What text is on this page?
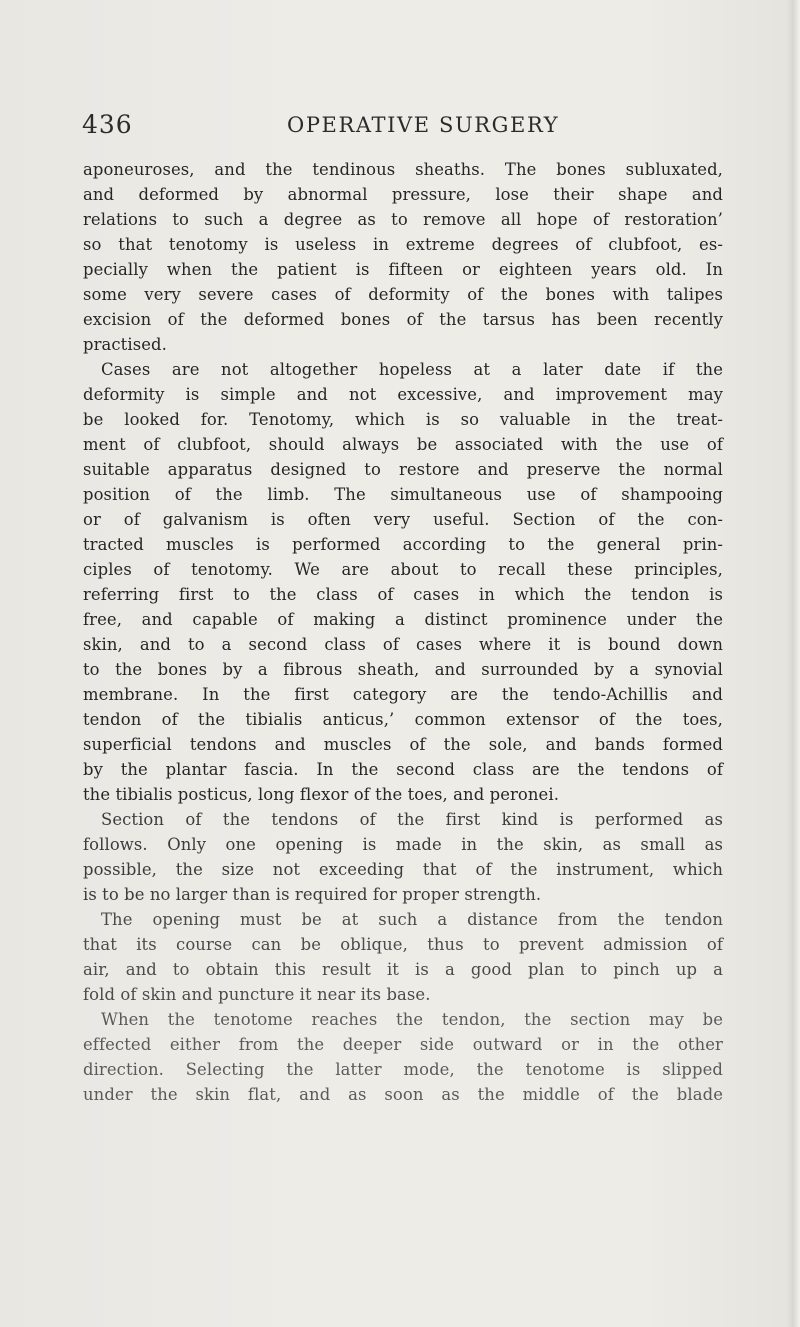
436	OPERATIVE SURGERY
aponeuroses, and the tendinous sheaths. The bones subluxated,
and deformed by abnormal pressure, lose their shape and
relations to such a degree as to remove all hope of restoration’
so that tenotomy is useless in extreme degrees of clubfoot, es-
pecially when the patient is fifteen or eighteen years old. In
some very severe cases of deformity of the bones with talipes
excision of the deformed bones of the tarsus has been recently
practised.
Cases are not altogether hopeless at a later date if the
deformity is simple and not excessive, and improvement may
be looked for. Tenotomy, which is so valuable in the treat-
ment of clubfoot, should always be associated with the use of
suitable apparatus designed to restore and preserve the normal
position of the limb. The simultaneous use of shampooing
or of galvanism is often very useful. Section of the con-
tracted muscles is performed according to the general prin-
ciples of tenotomy. We are about to recall these principles,
referring first to the class of cases in which the tendon is
free, and capable of making a distinct prominence under the
skin, and to a second class of cases where it is bound down
to the bones by a fibrous sheath, and surrounded by a synovial
membrane. In the first category are the tendo-Achillis and
tendon of the tibialis anticus,’ common extensor of the toes,
superficial tendons and muscles of the sole, and bands formed
by the plantar fascia. In the second class are the tendons of
the tibialis posticus, long flexor of the toes, and peronei.
Section of the tendons of the first kind is performed as
follows. Only one opening is made in the skin, as small as
possible, the size not exceeding that of the instrument, which
is to be no larger than is required for proper strength.
The opening must be at such a distance from the tendon
that its course can be oblique, thus to prevent admission of
air, and to obtain this result it is a good plan to pinch up a
fold of skin and puncture it near its base.
When the tenotome reaches the tendon, the section may be
effected either from the deeper side outward or in the other
direction. Selecting the latter mode, the tenotome is slipped
under the skin flat, and as soon as the middle of the blade
